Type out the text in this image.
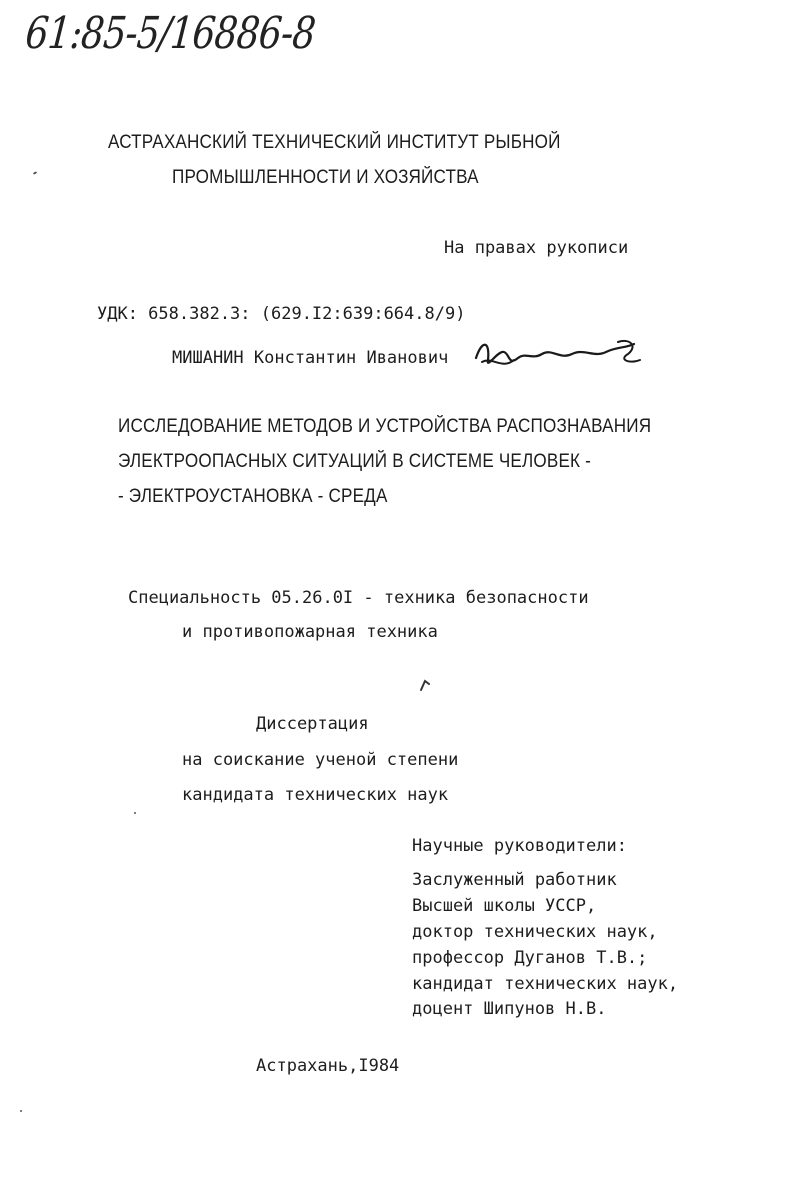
61:85-5/16886-8
АСТРАХАНСКИЙ ТЕХНИЧЕСКИЙ ИНСТИТУТ РЫБНОЙ
ПРОМЫШЛЕННОСТИ И ХОЗЯЙСТВА
На правах рукописи
УДК: 658.382.3: (629.I2:639:664.8/9)
МИШАНИН Константин Иванович
ИССЛЕДОВАНИЕ МЕТОДОВ И УСТРОЙСТВА РАСПОЗНАВАНИЯ
ЭЛЕКТРООПАСНЫХ СИТУАЦИЙ В СИСТЕМЕ ЧЕЛОВЕК -
- ЭЛЕКТРОУСТАНОВКА - СРЕДА
Специальность 05.26.0I - техника безопасности
и противопожарная техника
Диссертация
на соискание ученой степени
кандидата технических наук
Научные руководители:
Заслуженный работник
Высшей школы УССР,
доктор технических наук,
профессор Дуганов Т.В.;
кандидат технических наук,
доцент Шипунов Н.В.
Астрахань,I984
